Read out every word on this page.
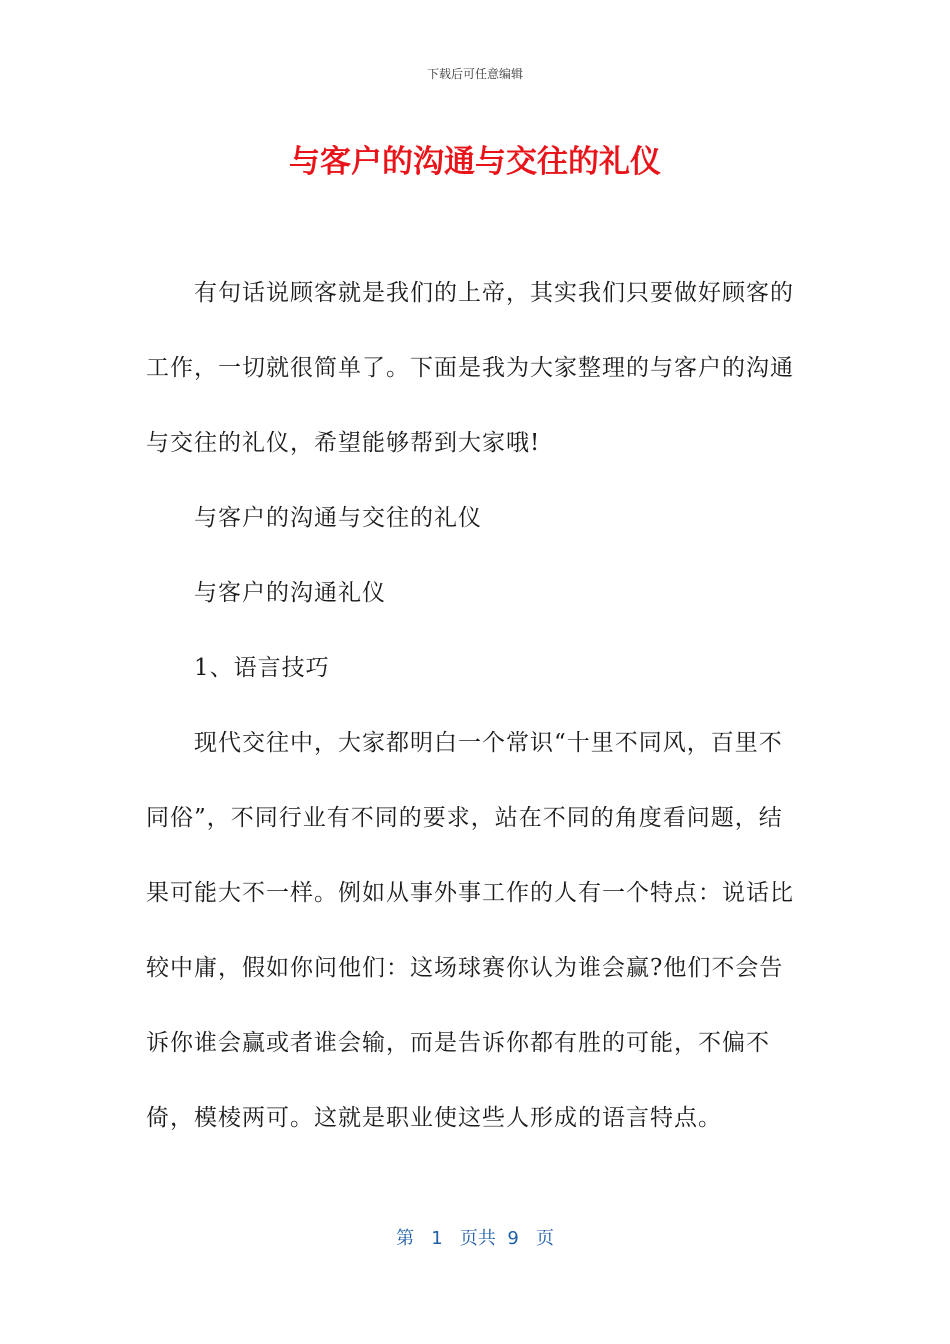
下载后可任意编辑
与客户的沟通与交往的礼仪

有句话说顾客就是我们的上帝，其实我们只要做好顾客的工作，一切就很简单了。下面是我为大家整理的与客户的沟通与交往的礼仪，希望能够帮到大家哦!

与客户的沟通与交往的礼仪

与客户的沟通礼仪

1、语言技巧

现代交往中，大家都明白一个常识“十里不同风，百里不同俗”，不同行业有不同的要求，站在不同的角度看问题，结果可能大不一样。例如从事外事工作的人有一个特点：说话比较中庸，假如你问他们：这场球赛你认为谁会赢?他们不会告诉你谁会赢或者谁会输，而是告诉你都有胜的可能，不偏不倚，模棱两可。这就是职业使这些人形成的语言特点。

第 1 页共 9 页
